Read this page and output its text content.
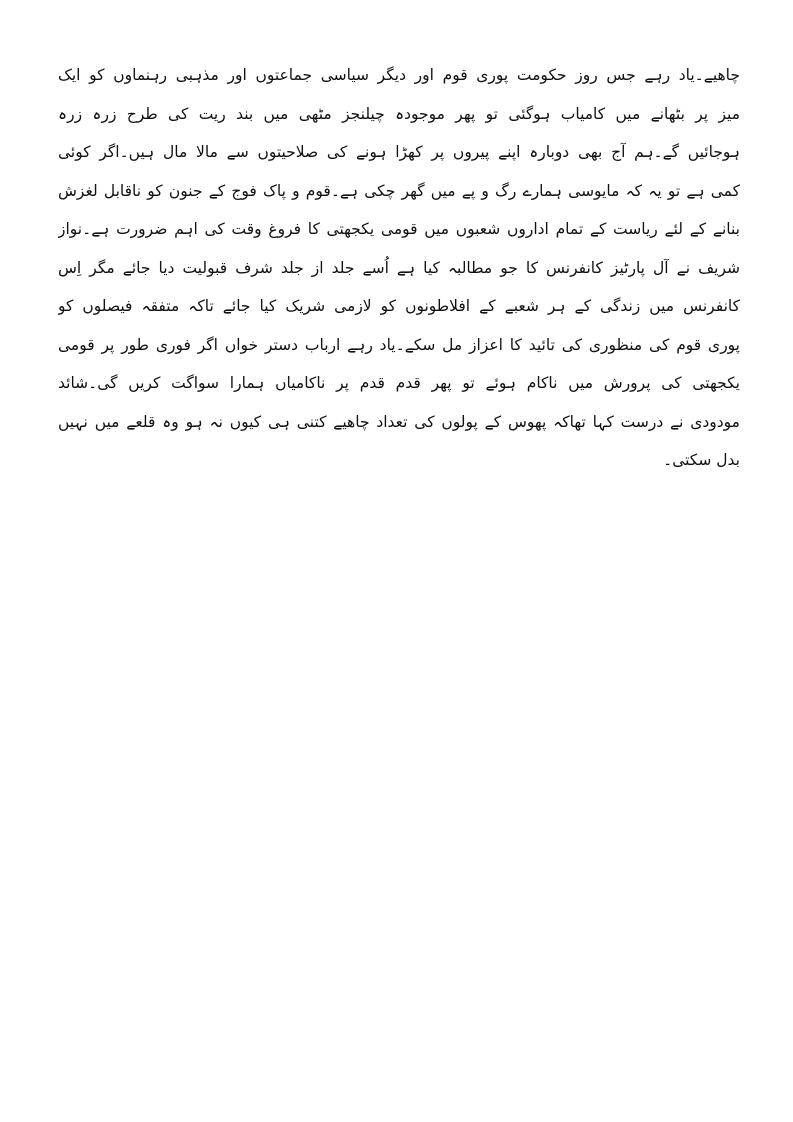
چاھیے۔یاد رہے جس روز حکومت پوری قوم اور دیگر سیاسی جماعتوں اور مذہبی رہنماوں کو ایک
میز پر بٹھانے میں کامیاب ہوگئی تو پھر موجودہ چیلنجز مٹھی میں بند ریت کی طرح زرہ زرہ
ہوجائیں گے۔ہم آج بھی دوبارہ اپنے پیروں پر کھڑا ہونے کی صلاحیتوں سے مالا مال ہیں۔اگر کوئی
کمی ہے تو یہ کہ مایوسی ہمارے رگ و پے میں گھر چکی ہے۔قوم و پاک فوج کے جنون کو ناقابل لغزش
بنانے کے لئے ریاست کے تمام اداروں شعبوں میں قومی یکجھتی کا فروغ وقت کی اہم ضرورت ہے۔نواز
شریف نے آل پارٹیز کانفرنس کا جو مطالبہ کیا ہے اُسے جلد از جلد شرف قبولیت دیا جائے مگر اِس
کانفرنس میں زندگی کے ہر شعبے کے افلاطونوں کو لازمی شریک کیا جائے تاکہ متفقہ فیصلوں کو
پوری قوم کی منظوری کی تائید کا اعزاز مل سکے۔یاد رہے ارباب دستر خواں اگر فوری طور پر قومی
یکجھتی کی پرورش میں ناکام ہوئے تو پھر قدم قدم پر ناکامیاں ہمارا سواگت کریں گی۔شائد
مودودی نے درست کہا تھاکہ پھوس کے پولوں کی تعداد چاھیے کتنی ہی کیوں نہ ہو وہ قلعے میں نہیں
بدل سکتی۔
